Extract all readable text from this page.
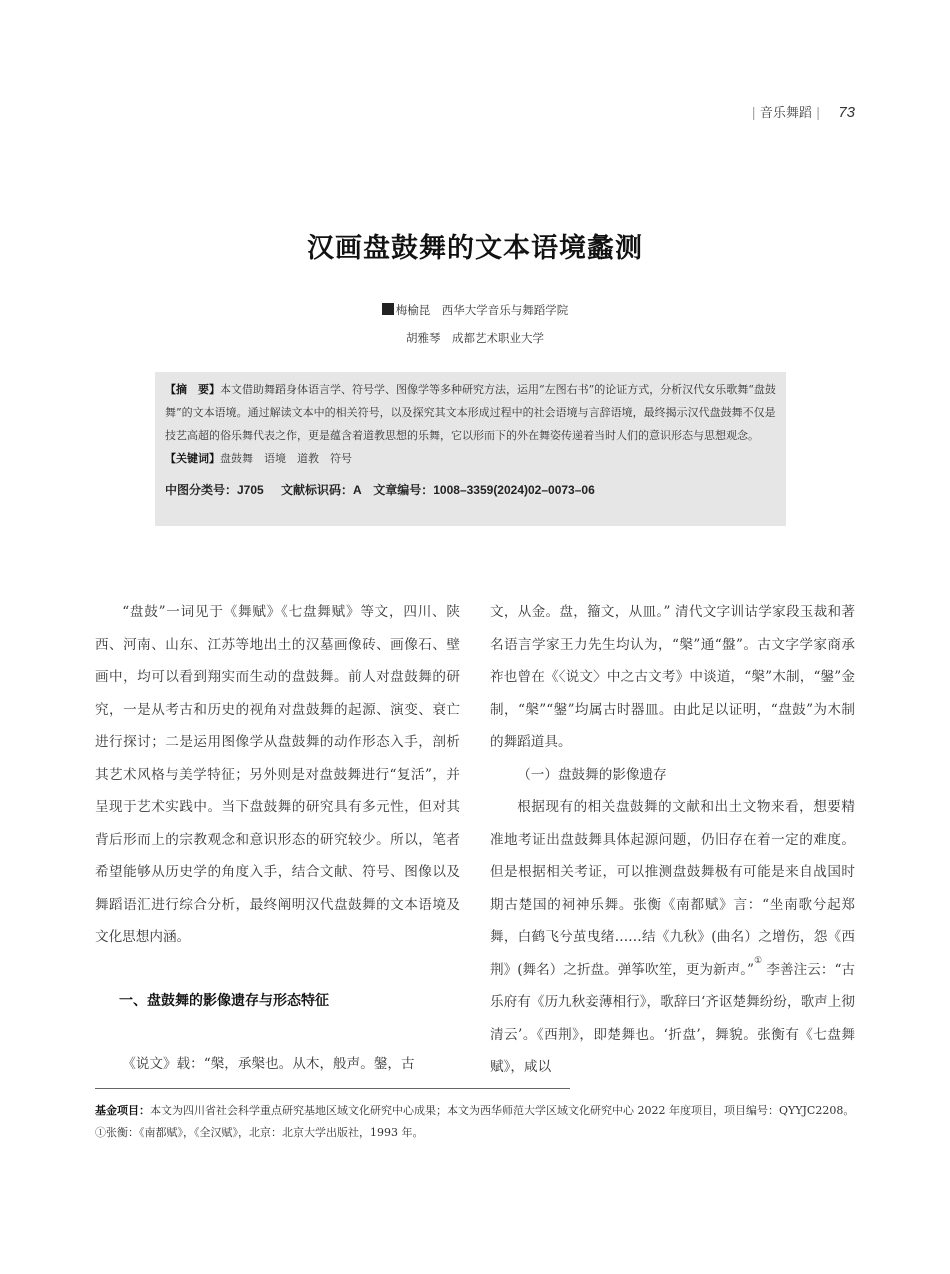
| 音乐舞蹈 | 73
汉画盘鼓舞的文本语境蠡测
梅榆昆　 西华大学音乐与舞蹈学院
胡雅琴　 成都艺术职业大学
【摘　要】本文借助舞蹈身体语言学、符号学、图像学等多种研究方法，运用“左图右书”的论证方式，分析汉代女乐歌舞“盘鼓舞”的文本语境。通过解读文本中的相关符号，以及探究其文本形成过程中的社会语境与言辞语境，最终揭示汉代盘鼓舞不仅是技艺高超的俗乐舞代表之作，更是蕴含着道教思想的乐舞，它以形而下的外在舞姿传递着当时人们的意识形态与思想观念。
【关键词】盘鼓舞　语境　道教　符号
中图分类号：J705　 文献标识码：A　文章编号：1008–3359(2024)02–0073–06

“盘鼓”一词见于《舞赋》《七盘舞赋》等文，四川、陕西、河南、山东、江苏等地出土的汉墓画像砖、画像石、壁画中，均可以看到翔实而生动的盘鼓舞。前人对盘鼓舞的研究，一是从考古和历史的视角对盘鼓舞的起源、演变、衰亡进行探讨；二是运用图像学从盘鼓舞的动作形态入手，剖析其艺术风格与美学特征；另外则是对盘鼓舞进行“复活”，并呈现于艺术实践中。当下盘鼓舞的研究具有多元性，但对其背后形而上的宗教观念和意识形态的研究较少。所以，笔者希望能够从历史学的角度入手，结合文献、符号、图像以及舞蹈语汇进行综合分析，最终阐明汉代盘鼓舞的文本语境及文化思想内涵。

一、盘鼓舞的影像遗存与形态特征

《说文》载：“槃，承槃也。从木，般声。鎜，古

文，从金。盘，籀文，从皿。” 清代文字训诂学家段玉裁和著名语言学家王力先生均认为，“槃”通“盤”。古文字学家商承祚也曾在《〈说文〉中之古文考》中谈道，“槃”木制，“鎜”金制，“槃”“鎜”均属古时器皿。由此足以证明，“盘鼓”为木制的舞蹈道具。

（一）盘鼓舞的影像遗存

根据现有的相关盘鼓舞的文献和出土文物来看，想要精准地考证出盘鼓舞具体起源问题，仍旧存在着一定的难度。但是根据相关考证，可以推测盘鼓舞极有可能是来自战国时期古楚国的祠神乐舞。张衡《南都赋》言：“坐南歌兮起郑舞，白鹤飞兮茧曳绪……结《九秋》(曲名）之增伤，怨《西荆》(舞名）之折盘。弹筝吹笙，更为新声。”① 李善注云：“古乐府有《历九秋妾薄相行》，歌辞曰‘齐讴楚舞纷纷，歌声上彻清云’。《西荆》，即楚舞也。‘折盘’，舞貌。张衡有《七盘舞赋》，咸以

基金项目：本文为四川省社会科学重点研究基地区域文化研究中心成果；本文为西华师范大学区域文化研究中心 2022 年度项目，项目编号：QYYJC2208。
①张衡：《南都赋》，《全汉赋》，北京：北京大学出版社，1993 年。
